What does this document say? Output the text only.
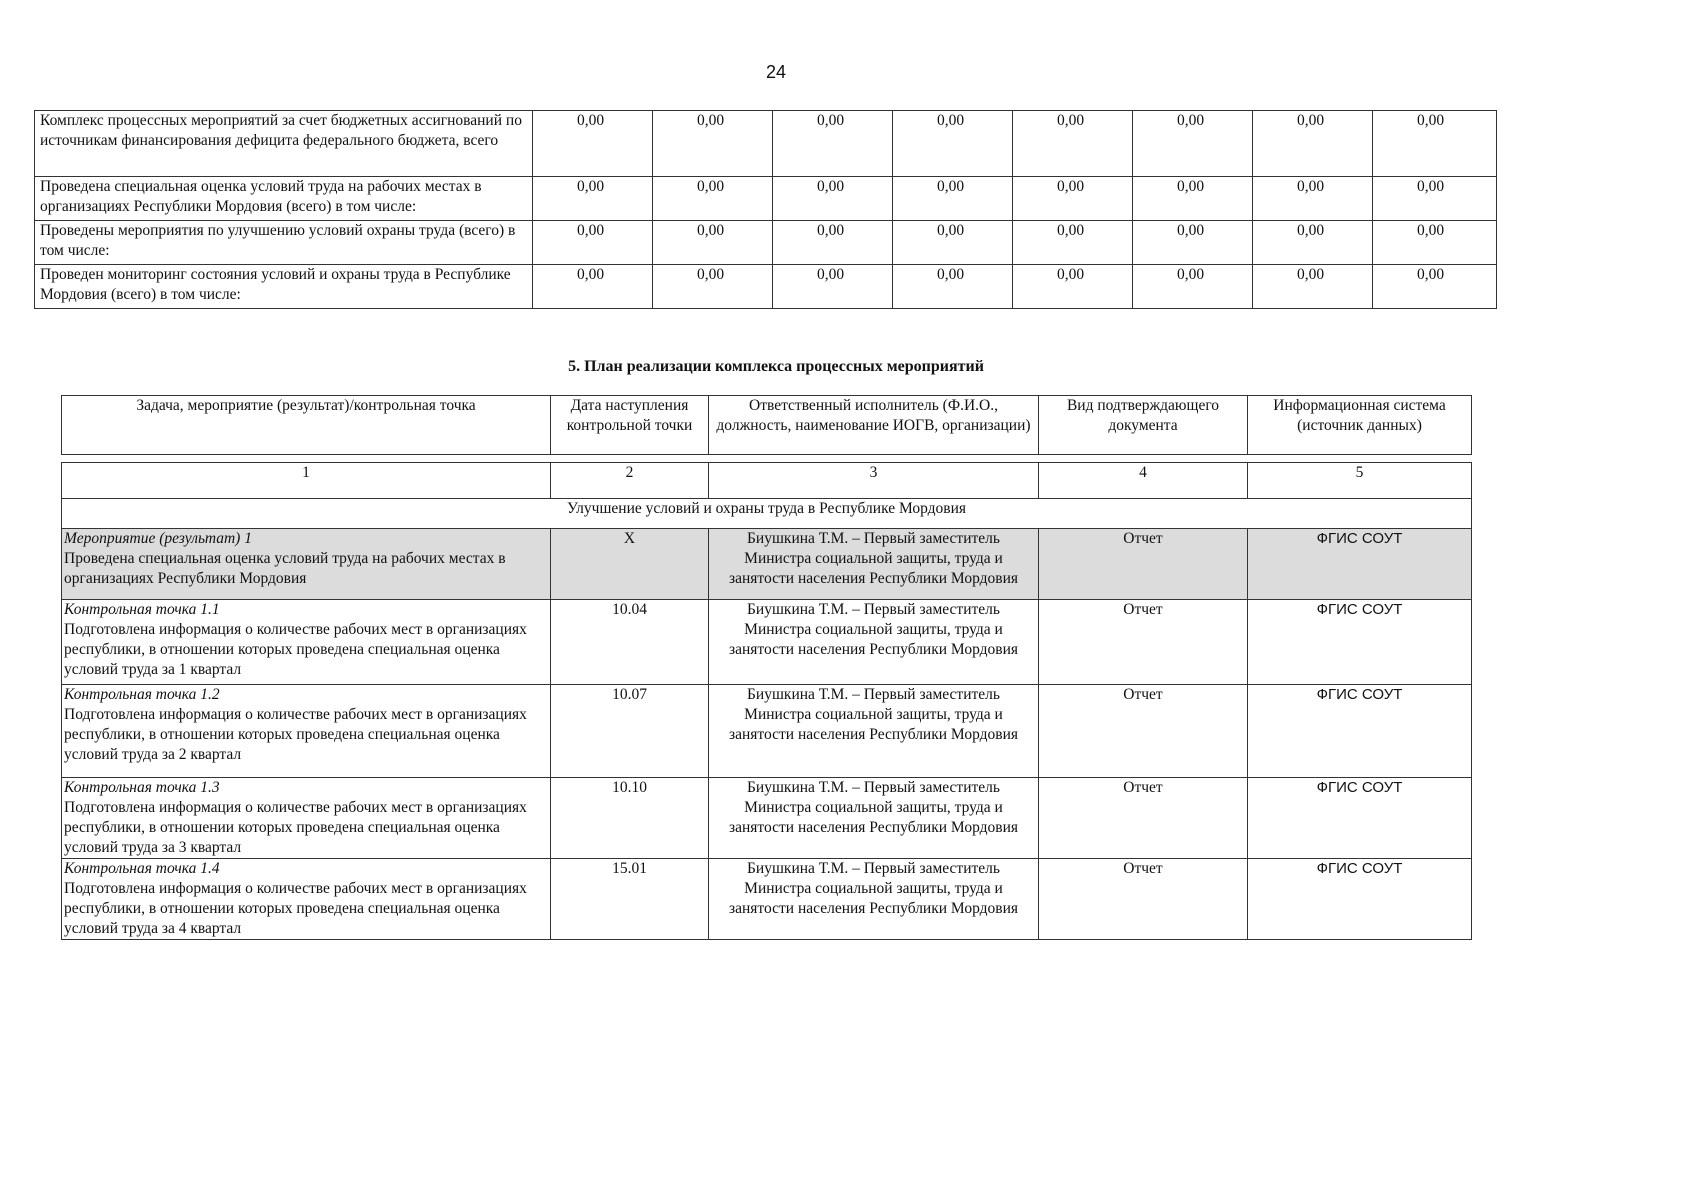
24
Комплекс процессных мероприятий за счет бюджетных ассигнований по источникам финансирования дефицита федерального бюджета, всего	0,00	0,00	0,00	0,00	0,00	0,00	0,00	0,00
Проведена специальная оценка условий труда на рабочих местах в организациях Республики Мордовия (всего) в том числе:	0,00	0,00	0,00	0,00	0,00	0,00	0,00	0,00
Проведены мероприятия по улучшению условий охраны труда (всего) в том числе:	0,00	0,00	0,00	0,00	0,00	0,00	0,00	0,00
Проведен мониторинг состояния условий и охраны труда в Республике Мордовия (всего) в том числе:	0,00	0,00	0,00	0,00	0,00	0,00	0,00	0,00
5. План реализации комплекса процессных мероприятий
Задача, мероприятие (результат)/контрольная точка	Дата наступления контрольной точки	Ответственный исполнитель (Ф.И.О., должность, наименование ИОГВ, организации)	Вид подтверждающего документа	Информационная система (источник данных)
1	2	3	4	5
Улучшение условий и охраны труда в Республике Мордовия				

Мероприятие (результат) 1
Проведена специальная оценка условий труда на рабочих местах в организациях Республики Мордовия	Х	Биушкина Т.М. – Первый заместитель Министра социальной защиты, труда и занятости населения Республики Мордовия	Отчет	ФГИС СОУТ

Контрольная точка 1.1
Подготовлена информация о количестве рабочих мест в организациях республики, в отношении которых проведена специальная оценка условий труда за 1 квартал	10.04	Биушкина Т.М. – Первый заместитель Министра социальной защиты, труда и занятости населения Республики Мордовия	Отчет	ФГИС СОУТ

Контрольная точка 1.2
Подготовлена информация о количестве рабочих мест в организациях республики, в отношении которых проведена специальная оценка условий труда за 2 квартал	10.07	Биушкина Т.М. – Первый заместитель Министра социальной защиты, труда и занятости населения Республики Мордовия	Отчет	ФГИС СОУТ

Контрольная точка 1.3
Подготовлена информация о количестве рабочих мест в организациях республики, в отношении которых проведена специальная оценка условий труда за 3 квартал	10.10	Биушкина Т.М. – Первый заместитель Министра социальной защиты, труда и занятости населения Республики Мордовия	Отчет	ФГИС СОУТ

Контрольная точка 1.4
Подготовлена информация о количестве рабочих мест в организациях республики, в отношении которых проведена специальная оценка условий труда за 4 квартал	15.01	Биушкина Т.М. – Первый заместитель Министра социальной защиты, труда и занятости населения Республики Мордовия	Отчет	ФГИС СОУТ
